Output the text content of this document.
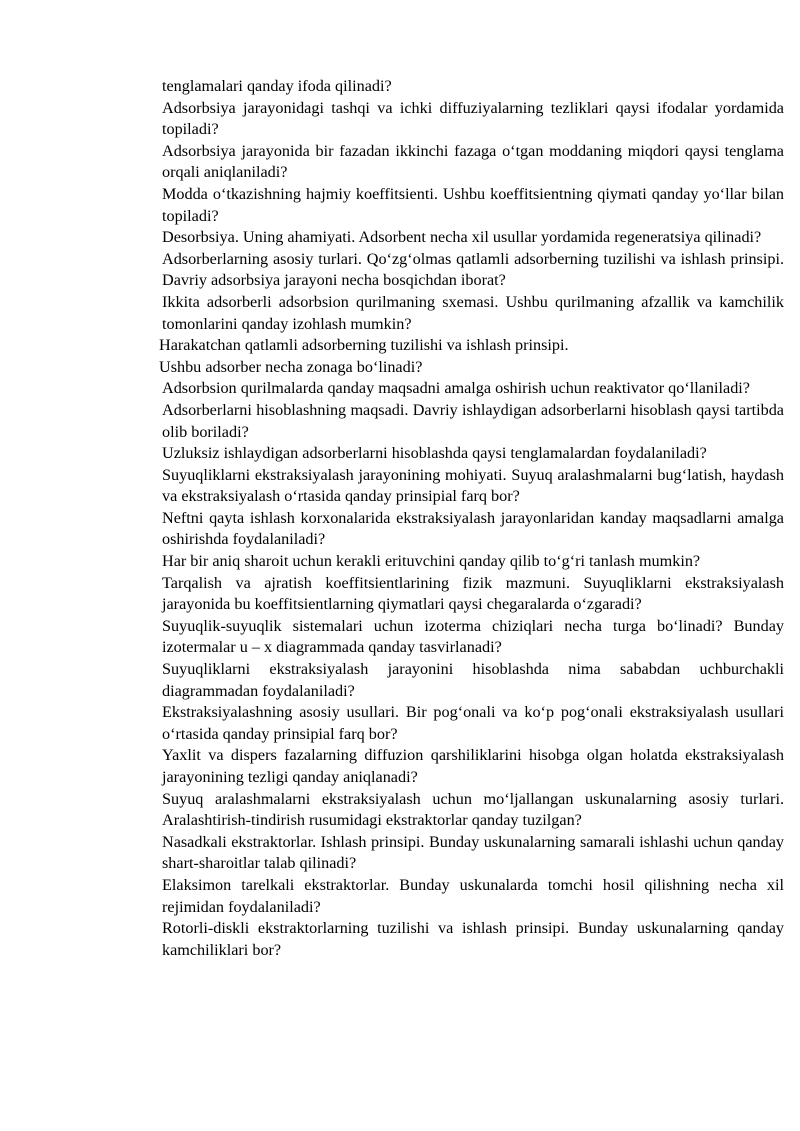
tenglamalari qanday ifoda qilinadi?

Adsorbsiya jarayonidagi tashqi va ichki diffuziyalarning tezliklari qaysi ifodalar yordamida topiladi?

Adsorbsiya jarayonida bir fazadan ikkinchi fazaga o‘tgan moddaning miqdori qaysi tenglama orqali aniqlaniladi?

Modda o‘tkazishning hajmiy koeffitsienti. Ushbu koeffitsientning qiymati qanday yo‘llar bilan topiladi?

Desorbsiya. Uning ahamiyati. Adsorbent necha xil usullar yordamida regeneratsiya qilinadi?

Adsorberlarning asosiy turlari. Qo‘zg‘olmas qatlamli adsorberning tuzilishi va ishlash prinsipi. Davriy adsorbsiya jarayoni necha bosqichdan iborat?

Ikkita adsorberli adsorbsion qurilmaning sxemasi. Ushbu qurilmaning afzallik va kamchilik tomonlarini qanday izohlash mumkin?

Harakatchan qatlamli adsorberning tuzilishi va ishlash prinsipi.

Ushbu adsorber necha zonaga bo‘linadi?

Adsorbsion qurilmalarda qanday maqsadni amalga oshirish uchun reaktivator qo‘llaniladi?

Adsorberlarni hisoblashning maqsadi. Davriy ishlaydigan adsorberlarni hisoblash qaysi tartibda olib boriladi?

Uzluksiz ishlaydigan adsorberlarni hisoblashda qaysi tenglamalardan foydalaniladi?

Suyuqliklarni ekstraksiyalash jarayonining mohiyati. Suyuq aralashmalarni bug‘latish, haydash va ekstraksiyalash o‘rtasida qanday prinsipial farq bor?

Neftni qayta ishlash korxonalarida ekstraksiyalash jarayonlaridan kanday maqsadlarni amalga oshirishda foydalaniladi?

Har bir aniq sharoit uchun kerakli erituvchini qanday qilib to‘g‘ri tanlash mumkin?

Tarqalish va ajratish koeffitsientlarining fizik mazmuni. Suyuqliklarni ekstraksiyalash jarayonida bu koeffitsientlarning qiymatlari qaysi chegaralarda o‘zgaradi?

Suyuqlik-suyuqlik sistemalari uchun izoterma chiziqlari necha turga bo‘linadi? Bunday izotermalar u – x diagrammada qanday tasvirlanadi?

Suyuqliklarni ekstraksiyalash jarayonini hisoblashda nima sababdan uchburchakli diagrammadan foydalaniladi?

Ekstraksiyalashning asosiy usullari. Bir pog‘onali va ko‘p pog‘onali ekstraksiyalash usullari o‘rtasida qanday prinsipial farq bor?

Yaxlit va dispers fazalarning diffuzion qarshiliklarini hisobga olgan holatda ekstraksiyalash jarayonining tezligi qanday aniqlanadi?

Suyuq aralashmalarni ekstraksiyalash uchun mo‘ljallangan uskunalarning asosiy turlari. Aralashtirish-tindirish rusumidagi ekstraktorlar qanday tuzilgan?

Nasadkali ekstraktorlar. Ishlash prinsipi. Bunday uskunalarning samarali ishlashi uchun qanday shart-sharoitlar talab qilinadi?

Elaksimon tarelkali ekstraktorlar. Bunday uskunalarda tomchi hosil qilishning necha xil rejimidan foydalaniladi?

Rotorli-diskli ekstraktorlarning tuzilishi va ishlash prinsipi. Bunday uskunalarning qanday kamchiliklari bor?
